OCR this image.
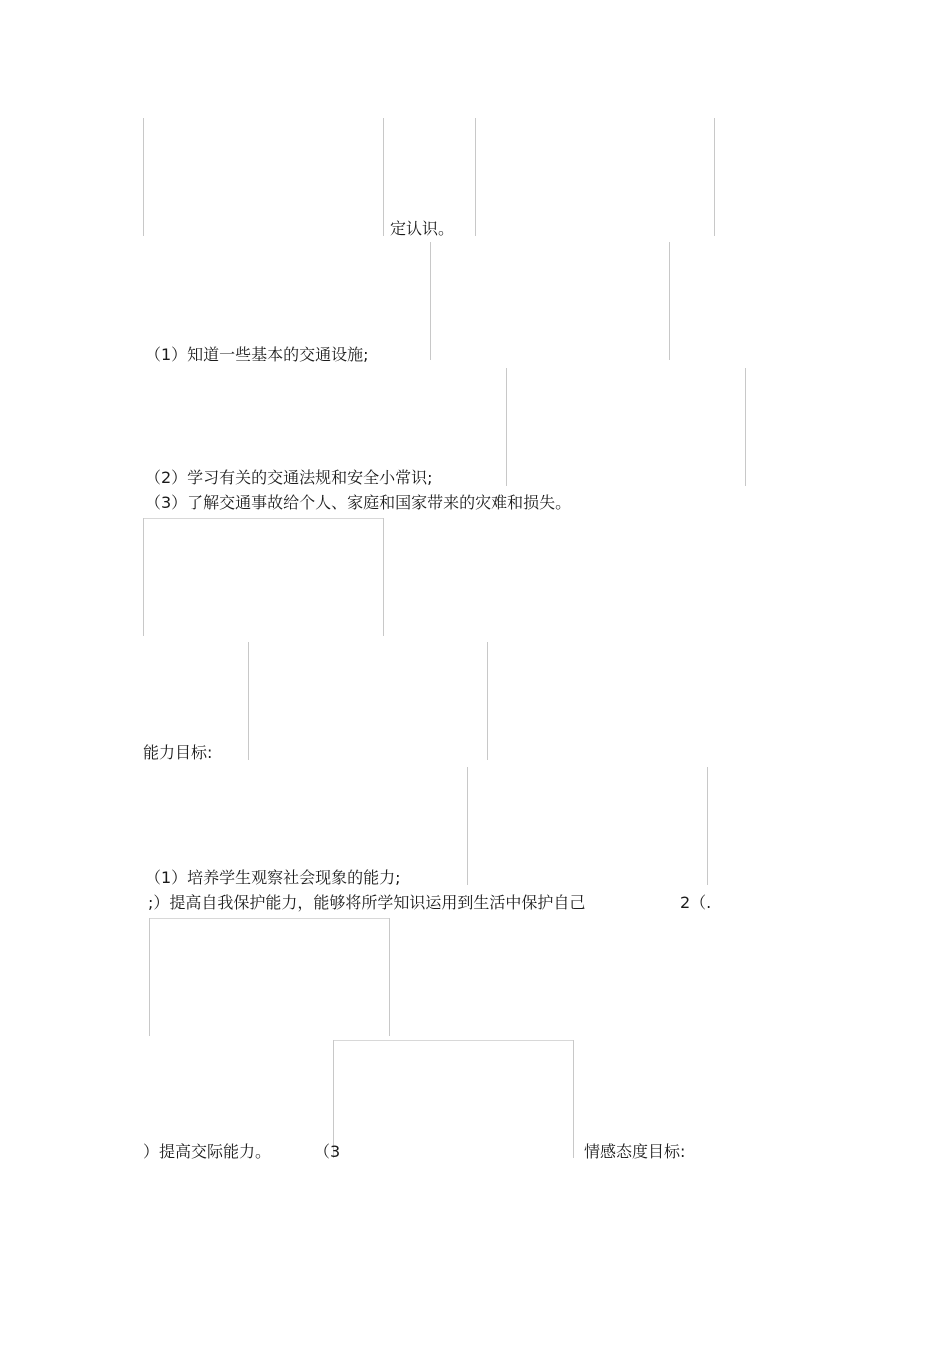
定认识。
（1）知道一些基本的交通设施;
（2）学习有关的交通法规和安全小常识;
（3）了解交通事故给个人、家庭和国家带来的灾难和损失。
能力目标:
（1）培养学生观察社会现象的能力;
;）提高自我保护能力，能够将所学知识运用到生活中保护自己	2（.
）提高交际能力。	（3	情感态度目标:
